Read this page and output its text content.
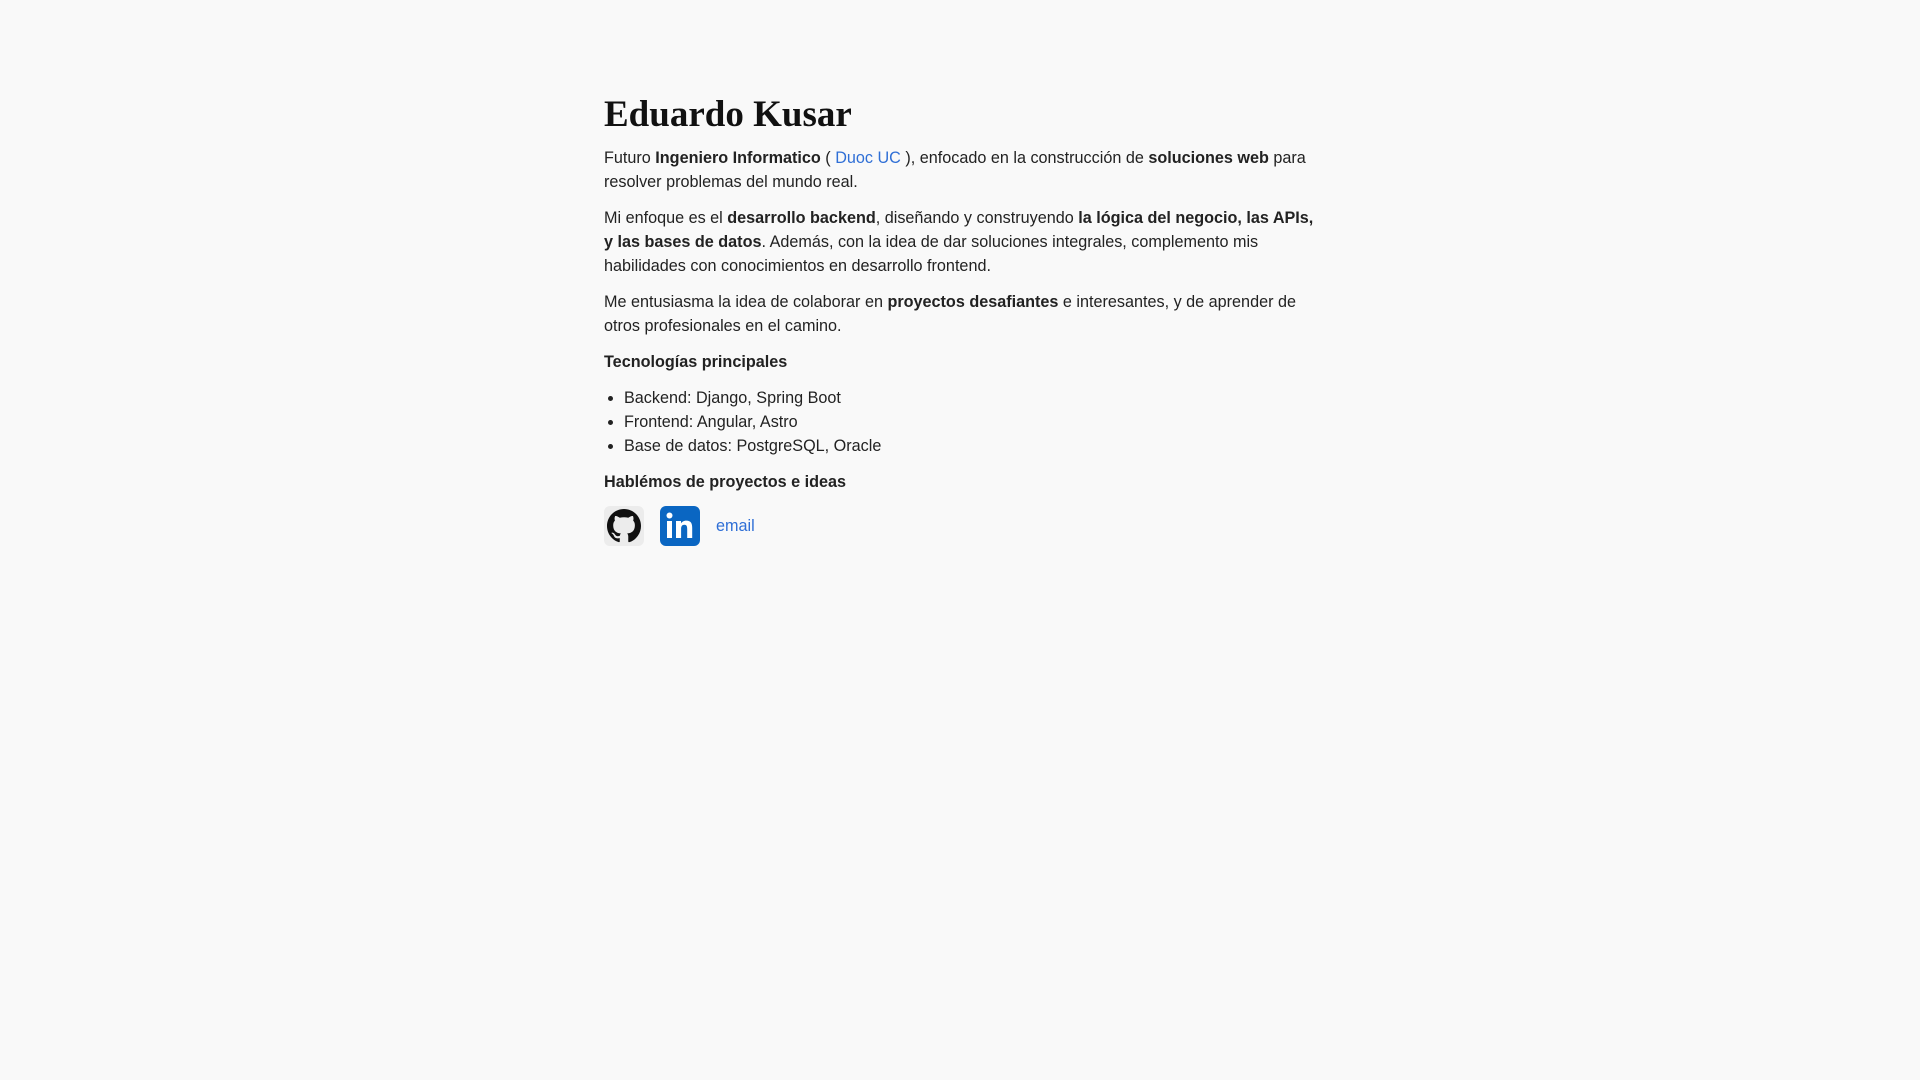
Eduardo Kusar

Futuro Ingeniero Informatico ( Duoc UC ), enfocado en la construcción de soluciones web para resolver problemas del mundo real.

Mi enfoque es el desarrollo backend, diseñando y construyendo la lógica del negocio, las APIs, y las bases de datos. Además, con la idea de dar soluciones integrales, complemento mis habilidades con conocimientos en desarrollo frontend.

Me entusiasma la idea de colaborar en proyectos desafiantes e interesantes, y de aprender de otros profesionales en el camino.

Tecnologías principales

• Backend: Django, Spring Boot
• Frontend: Angular, Astro
• Base de datos: PostgreSQL, Oracle

Hablémos de proyectos e ideas

email
